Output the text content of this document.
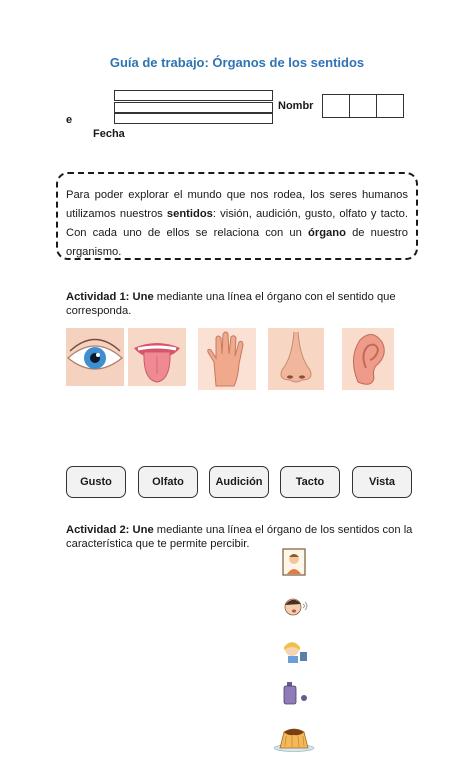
Guía de trabajo: Órganos de los sentidos
Nombr
e
Fecha
Para poder explorar el mundo que nos rodea, los seres humanos utilizamos nuestros sentidos: visión, audición, gusto, olfato y tacto. Con cada uno de ellos se relaciona con un órgano de nuestro organismo.
Actividad 1: Une mediante una línea el órgano con el sentido que corresponda.
Gusto	Olfato	Audición	Tacto	Vista
Actividad 2: Une mediante una línea el órgano de los sentidos con la característica que te permite percibir.
